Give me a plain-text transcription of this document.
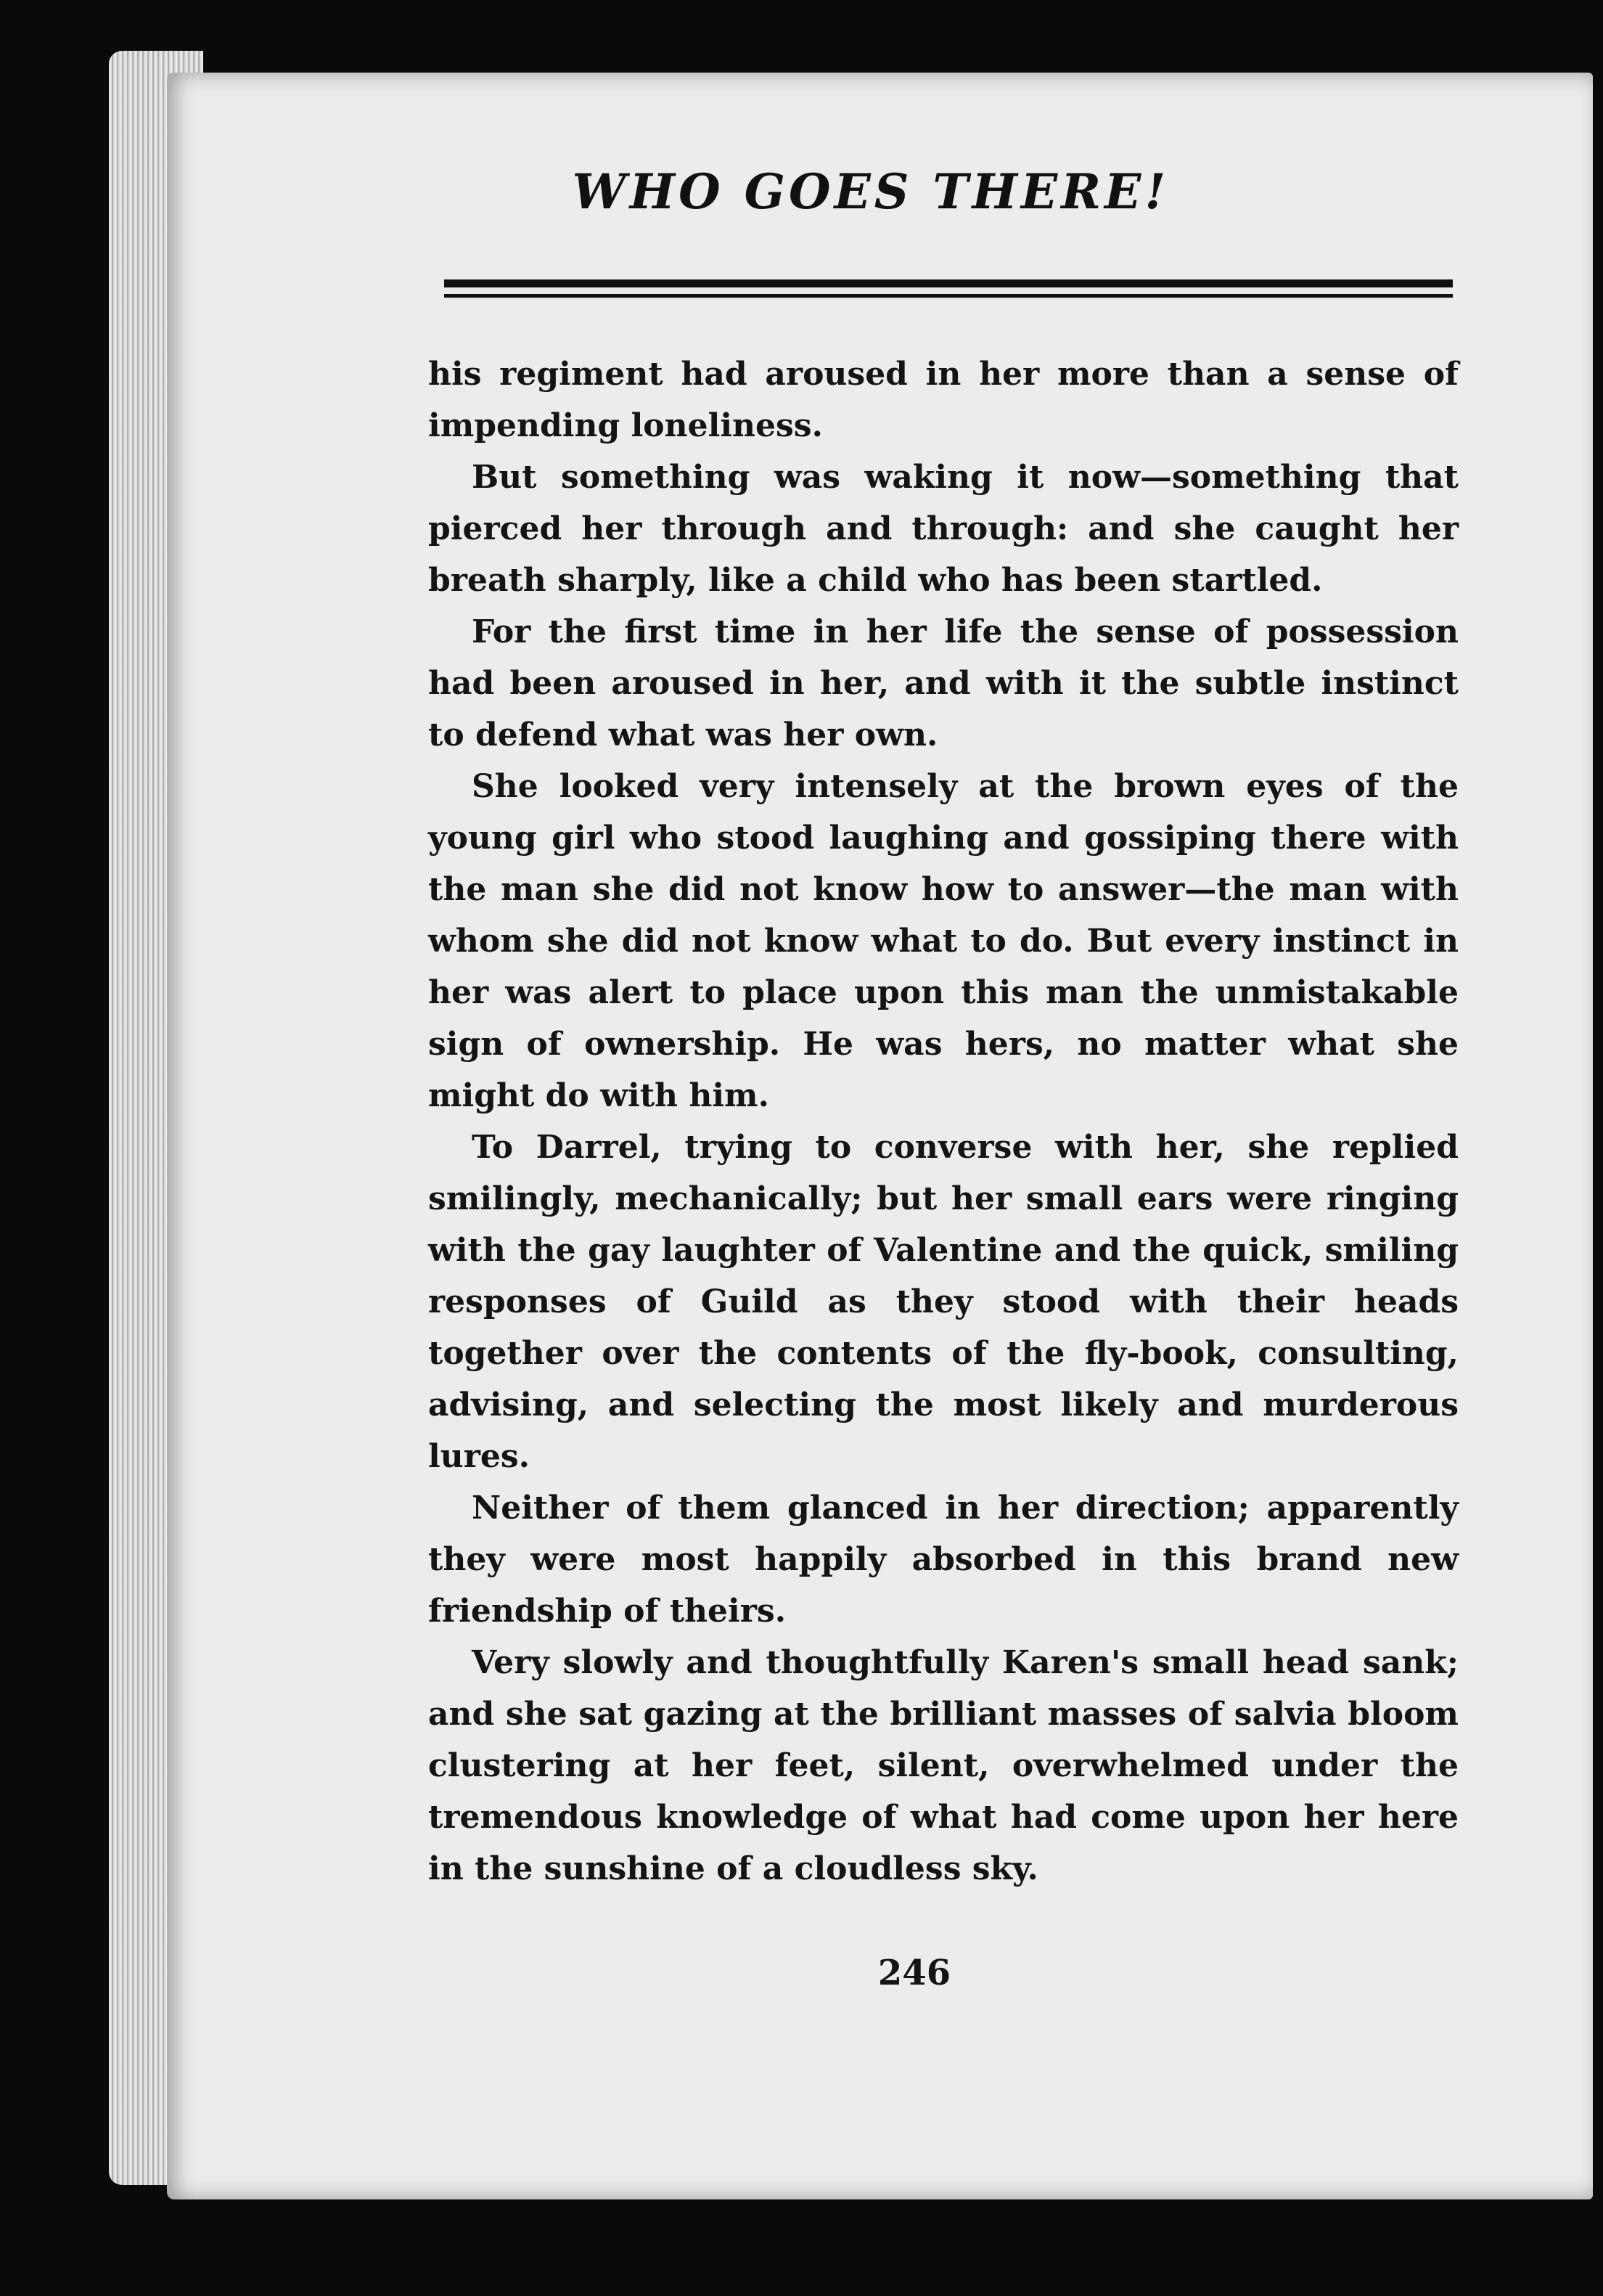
WHO GOES THERE!

his regiment had aroused in her more than a sense of impending loneliness.

But something was waking it now—something that pierced her through and through: and she caught her breath sharply, like a child who has been startled.

For the first time in her life the sense of possession had been aroused in her, and with it the subtle instinct to defend what was her own.

She looked very intensely at the brown eyes of the young girl who stood laughing and gossiping there with the man she did not know how to answer—the man with whom she did not know what to do. But every instinct in her was alert to place upon this man the unmistakable sign of ownership. He was hers, no matter what she might do with him.

To Darrel, trying to converse with her, she replied smilingly, mechanically; but her small ears were ringing with the gay laughter of Valentine and the quick, smiling responses of Guild as they stood with their heads together over the contents of the fly-book, consulting, advising, and selecting the most likely and murderous lures.

Neither of them glanced in her direction; apparently they were most happily absorbed in this brand new friendship of theirs.

Very slowly and thoughtfully Karen's small head sank; and she sat gazing at the brilliant masses of salvia bloom clustering at her feet, silent, overwhelmed under the tremendous knowledge of what had come upon her here in the sunshine of a cloudless sky.

246
